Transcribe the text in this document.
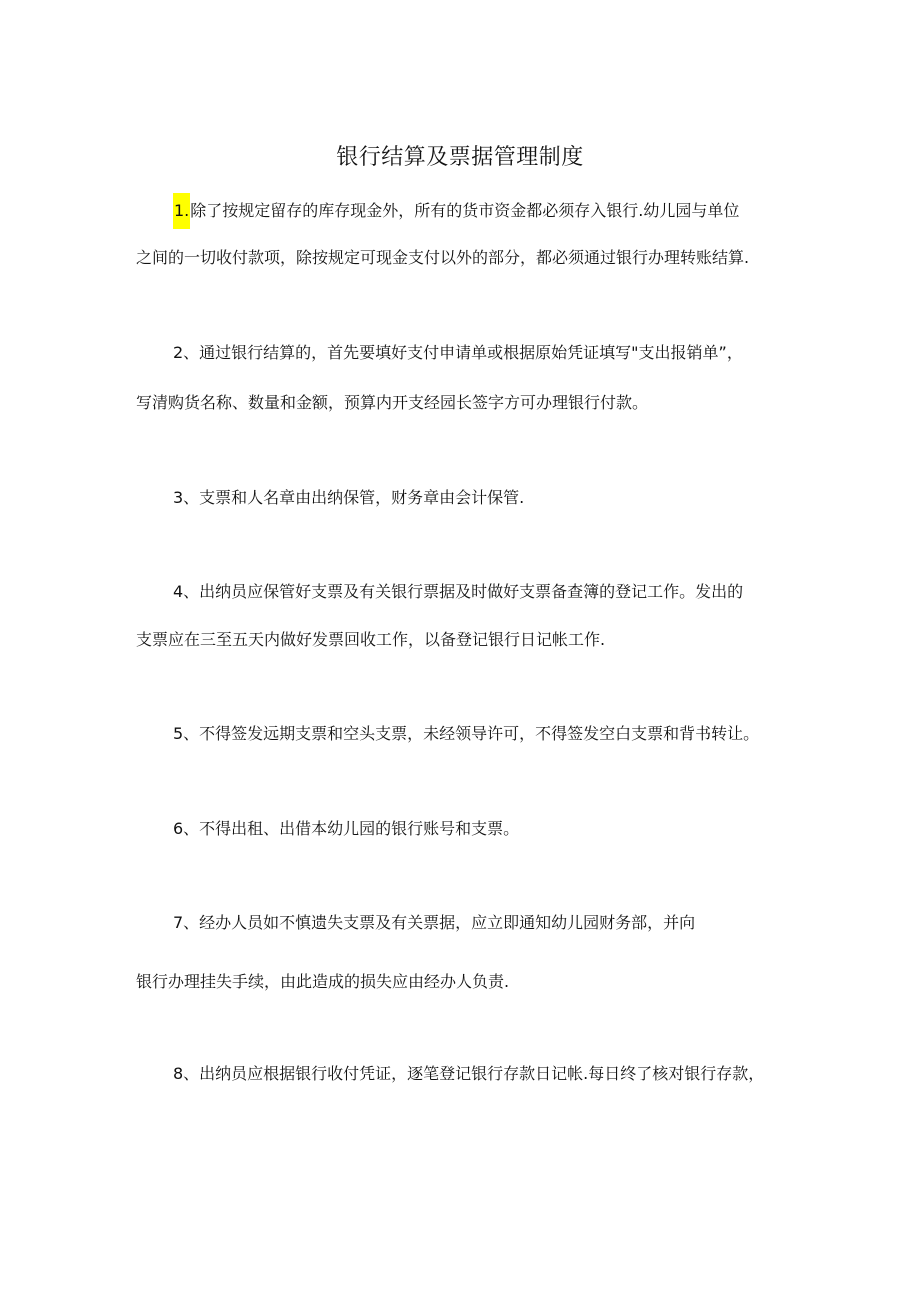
银行结算及票据管理制度
1.除了按规定留存的库存现金外，所有的货市资金都必须存入银行.幼儿园与单位
之间的一切收付款项，除按规定可现金支付以外的部分，都必须通过银行办理转账结算.
2、通过银行结算的，首先要填好支付申请单或根据原始凭证填写"支出报销单”，
写清购货名称、数量和金额，预算内开支经园长签字方可办理银行付款。
3、支票和人名章由出纳保管，财务章由会计保管.
4、出纳员应保管好支票及有关银行票据及时做好支票备查簿的登记工作。发出的
支票应在三至五天内做好发票回收工作，以备登记银行日记帐工作.
5、不得签发远期支票和空头支票，未经领导许可，不得签发空白支票和背书转让。
6、不得出租、出借本幼儿园的银行账号和支票。
7、经办人员如不慎遗失支票及有关票据，应立即通知幼儿园财务部，并向
银行办理挂失手续，由此造成的损失应由经办人负责.
8、出纳员应根据银行收付凭证，逐笔登记银行存款日记帐.每日终了核对银行存款，
